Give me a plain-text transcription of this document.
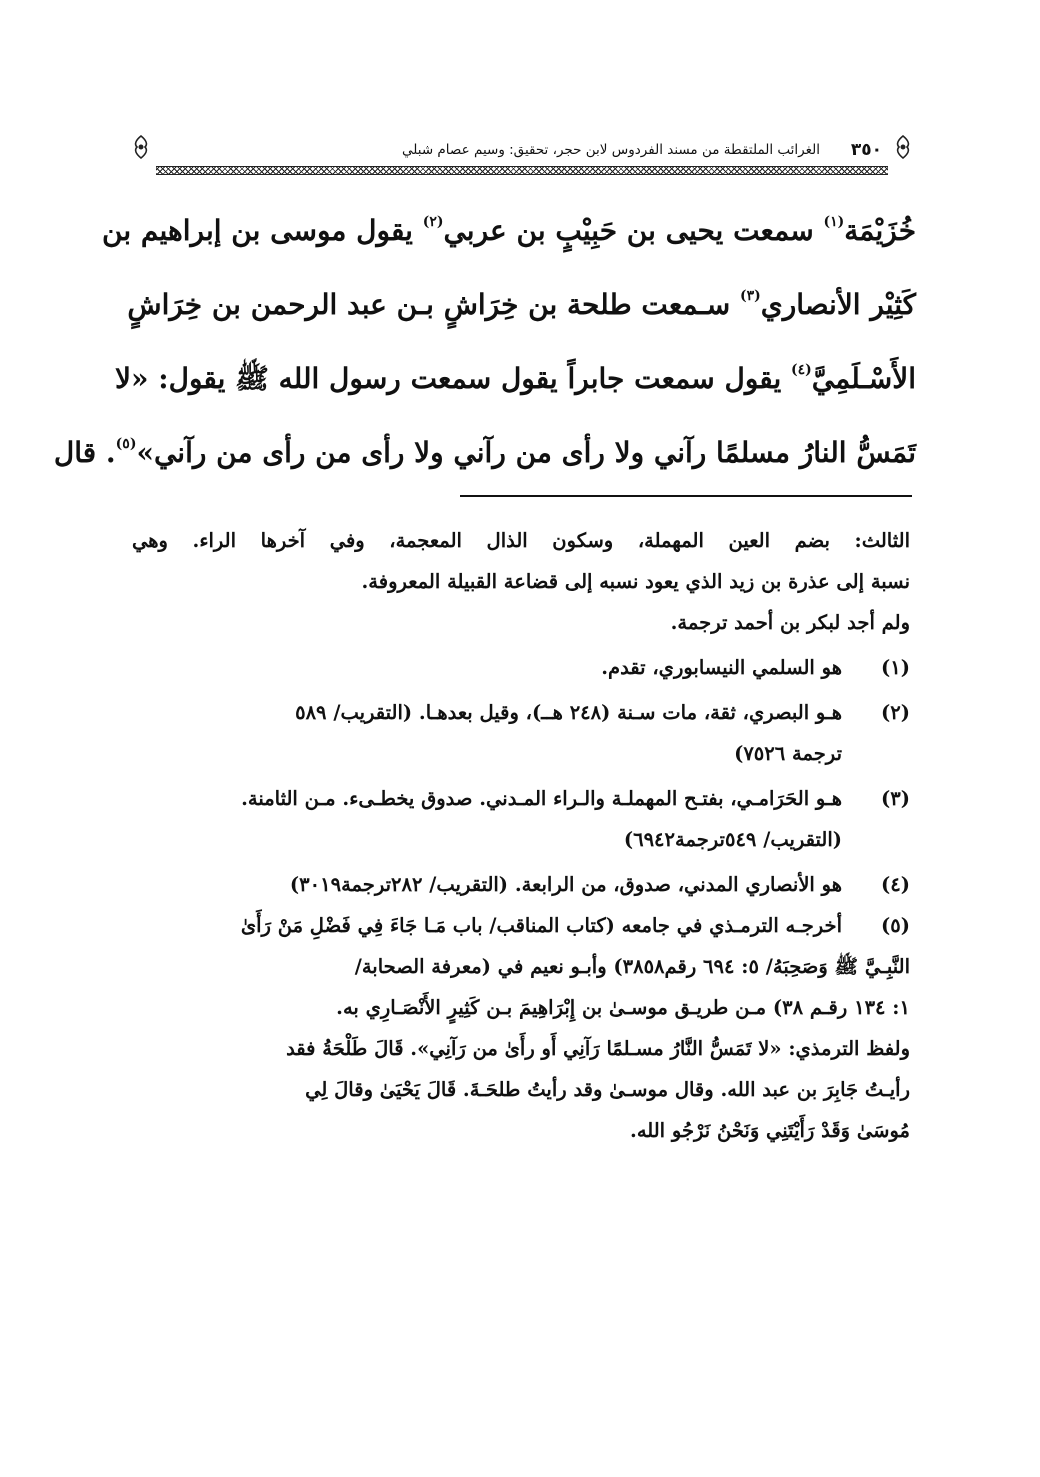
٣٥٠
الغرائب الملتقطة من مسند الفردوس لابن حجر، تحقيق: وسيم عصام شبلي
خُزَيْمَة$^{(١)}$ سمعت يحيى بن حَبِيْبٍ بن عربي$^{(٢)}$ يقول موسى بن إبراهيم بن
كَثِيْر الأنصاري$^{(٣)}$ سـمعت طلحة بن خِرَاشٍ بـن عبد الرحمن بن خِرَاشٍ
الأَسْـلَمِيَّ$^{(٤)}$ يقول سمعت جابراً يقول سمعت رسول الله ﷺ يقول: «لا
تَمَسُّ النارُ مسلمًا رآني ولا رأى من رآني ولا رأى من رأى من رآني»$^{(٥)}$. قال
الثالث: بضم العين المهملة، وسكون الذال المعجمة، وفي آخرها الراء. وهي
نسبة إلى عذرة بن زيد الذي يعود نسبه إلى قضاعة القبيلة المعروفة.
ولم أجد لبكر بن أحمد ترجمة.
(١)هو السلمي النيسابوري، تقدم.
(٢)هـو البصري، ثقة، مات سـنة (٢٤٨ هــ)، وقيل بعدهـا. (التقريب/ ٥٨٩
ترجمة ٧٥٢٦)
(٣)هـو الحَرَامـي، بفتـح المهملـة والـراء المـدني. صدوق يخطـىء. مـن الثامنة.
(التقريب/ ٥٤٩ترجمة٦٩٤٢)
(٤)هو الأنصاري المدني، صدوق، من الرابعة. (التقريب/ ٢٨٢ترجمة٣٠١٩)
(٥)أخرجـه الترمـذي في جامعه (كتاب المناقب/ باب مَـا جَاءَ فِي فَضْلِ مَنْ رَأَىٰ
النَّبِـيَّ ﷺ وَصَحِبَهُ/ ٥: ٦٩٤ رقم٣٨٥٨) وأبـو نعيم في (معرفة الصحابة/
١: ١٣٤ رقـم ٣٨) مـن طريـق موسـىٰ بن إِبْرَاهِيمَ بـن كَثِيرٍ الأَنْصَـارِي به.
ولفظ الترمذي: «لا تَمَسُّ النَّارُ مسـلمًا رَآنِي أَو رأَىٰ من رَآنِي». قَالَ طَلْحَةُ فقد
رأيـتُ جَابِرَ بن عبد الله. وقال موسـىٰ وقد رأيتُ طلحَـةَ. قَالَ يَحْيَىٰ وقالَ لِي
مُوسَىٰ وَقَدْ رَأَيْتَنِي وَنَحْنُ نَرْجُو الله.
